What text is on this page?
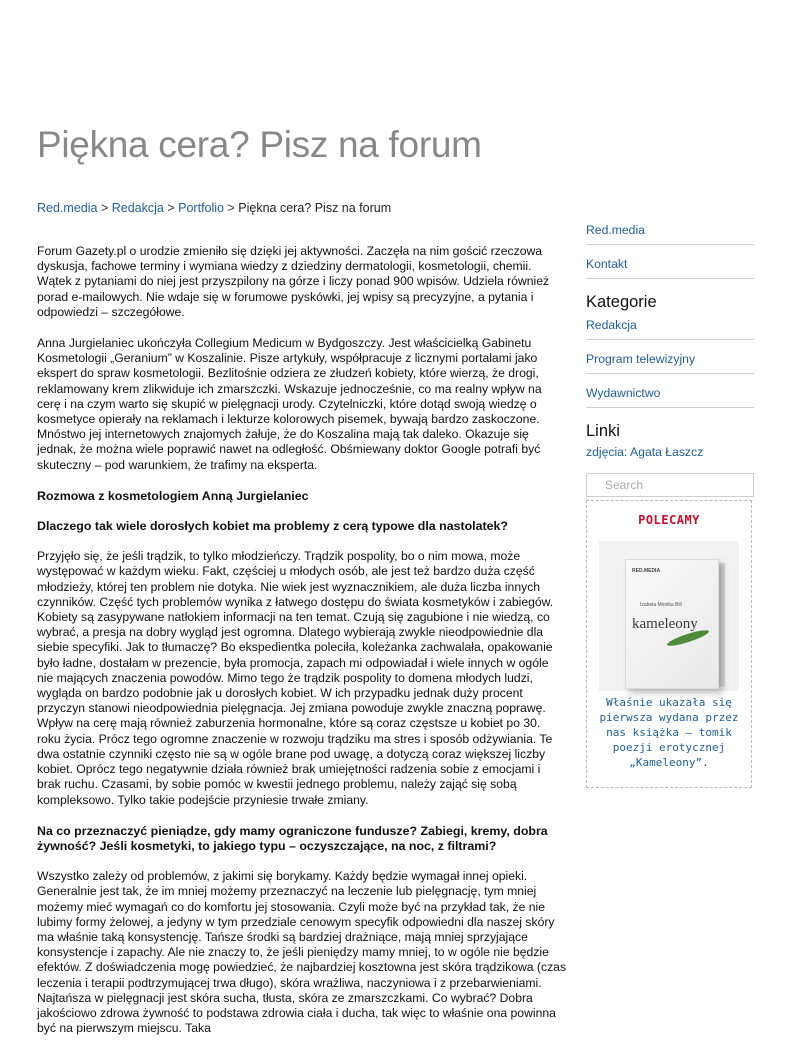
Piękna cera? Pisz na forum
Red.media > Redakcja > Portfolio > Piękna cera? Pisz na forum

Forum Gazety.pl o urodzie zmieniło się dzięki jej aktywności. Zaczęła na nim gościć rzeczowa dyskusja, fachowe terminy i wymiana wiedzy z dziedziny dermatologii, kosmetologii, chemii. Wątek z pytaniami do niej jest przyszpilony na górze i liczy ponad 900 wpisów. Udziela również porad e-mailowych. Nie wdaje się w forumowe pyskówki, jej wpisy są precyzyjne, a pytania i odpowiedzi – szczegółowe.

Anna Jurgielaniec ukończyła Collegium Medicum w Bydgoszczy. Jest właścicielką Gabinetu Kosmetologii „Geranium” w Koszalinie. Pisze artykuły, współpracuje z licznymi portalami jako ekspert do spraw kosmetologii. Bezlitośnie odziera ze złudzeń kobiety, które wierzą, że drogi, reklamowany krem zlikwiduje ich zmarszczki. Wskazuje jednocześnie, co ma realny wpływ na cerę i na czym warto się skupić w pielęgnacji urody. Czytelniczki, które dotąd swoją wiedzę o kosmetyce opierały na reklamach i lekturze kolorowych pisemek, bywają bardzo zaskoczone. Mnóstwo jej internetowych znajomych żałuje, że do Koszalina mają tak daleko. Okazuje się jednak, że można wiele poprawić nawet na odległość. Obśmiewany doktor Google potrafi być skuteczny – pod warunkiem, że trafimy na eksperta.

Rozmowa z kosmetologiem Anną Jurgielaniec
Dlaczego tak wiele dorosłych kobiet ma problemy z cerą typowe dla nastolatek?

Przyjęło się, że jeśli trądzik, to tylko młodzieńczy. Trądzik pospolity, bo o nim mowa, może występować w każdym wieku. Fakt, częściej u młodych osób, ale jest też bardzo duża część młodzieży, której ten problem nie dotyka. Nie wiek jest wyznacznikiem, ale duża liczba innych czynników. Część tych problemów wynika z łatwego dostępu do świata kosmetyków i zabiegów. Kobiety są zasypywane natłokiem informacji na ten temat. Czują się zagubione i nie wiedzą, co wybrać, a presja na dobry wygląd jest ogromna. Dlatego wybierają zwykle nieodpowiednie dla siebie specyfiki. Jak to tłumaczę? Bo ekspedientka poleciła, koleżanka zachwalała, opakowanie było ładne, dostałam w prezencie, była promocja, zapach mi odpowiadał i wiele innych w ogóle nie mających znaczenia powodów. Mimo tego że trądzik pospolity to domena młodych ludzi, wygląda on bardzo podobnie jak u dorosłych kobiet. W ich przypadku jednak duży procent przyczyn stanowi nieodpowiednia pielęgnacja. Jej zmiana powoduje zwykle znaczną poprawę. Wpływ na cerę mają również zaburzenia hormonalne, które są coraz częstsze u kobiet po 30. roku życia. Prócz tego ogromne znaczenie w rozwoju trądziku ma stres i sposób odżywiania. Te dwa ostatnie czynniki często nie są w ogóle brane pod uwagę, a dotyczą coraz większej liczby kobiet. Oprócz tego negatywnie działa również brak umiejętności radzenia sobie z emocjami i brak ruchu. Czasami, by sobie pomóc w kwestii jednego problemu, należy zająć się sobą kompleksowo. Tylko takie podejście przyniesie trwałe zmiany.

Na co przeznaczyć pieniądze, gdy mamy ograniczone fundusze? Zabiegi, kremy, dobra żywność? Jeśli kosmetyki, to jakiego typu – oczyszczające, na noc, z filtrami?

Wszystko zależy od problemów, z jakimi się borykamy. Każdy będzie wymagał innej opieki. Generalnie jest tak, że im mniej możemy przeznaczyć na leczenie lub pielęgnację, tym mniej możemy mieć wymagań co do komfortu jej stosowania. Czyli może być na przykład tak, że nie lubimy formy żelowej, a jedyny w tym przedziale cenowym specyfik odpowiedni dla naszej skóry ma właśnie taką konsystencję. Tańsze środki są bardziej drażniące, mają mniej sprzyjające konsystencje i zapachy. Ale nie znaczy to, że jeśli pieniędzy mamy mniej, to w ogóle nie będzie efektów. Z doświadczenia mogę powiedzieć, że najbardziej kosztowna jest skóra trądzikowa (czas leczenia i terapii podtrzymującej trwa długo), skóra wrażliwa, naczyniowa i z przebarwieniami. Najtańsza w pielęgnacji jest skóra sucha, tłusta, skóra ze zmarszczkami. Co wybrać? Dobra jakościowo zdrowa żywność to podstawa zdrowia ciała i ducha, tak więc to właśnie ona powinna być na pierwszym miejscu. Taka

Red.media
Kontakt
Kategorie
Redakcja
Program telewizyjny
Wydawnictwo
Linki
zdjęcia: Agata Łaszcz
Search
POLECAMY
RED.MEDIA
Izabela Monika Bill
kameleony
Właśnie ukazała się pierwsza wydana przez nas książka – tomik poezji erotycznej „Kameleony”.
